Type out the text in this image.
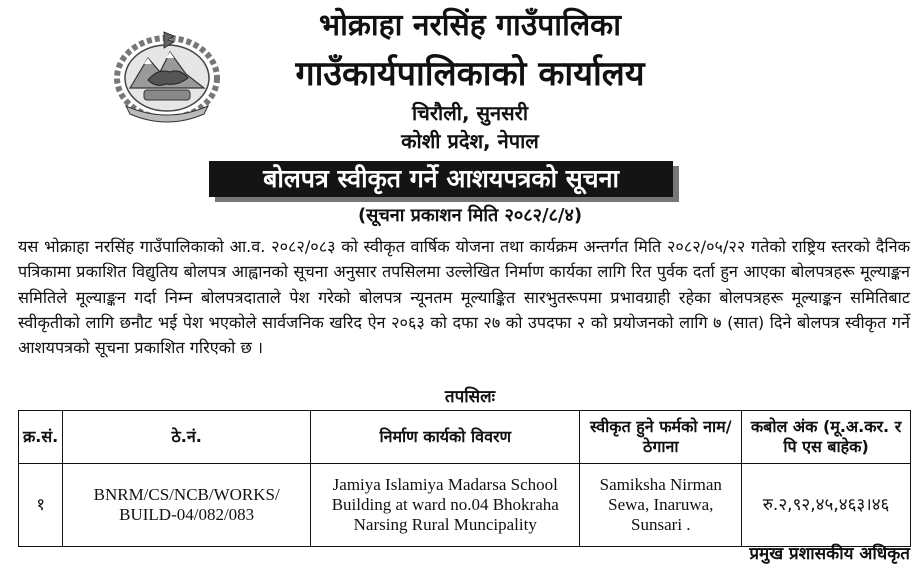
भोक्राहा नरसिंह गाउँपालिका
गाउँकार्यपालिकाको कार्यालय
चिरौली, सुनसरी
कोशी प्रदेश, नेपाल
बोलपत्र स्वीकृत गर्ने आशयपत्रको सूचना
(सूचना प्रकाशन मिति २०८२/८/४)
यस भोक्राहा नरसिंह गाउँपालिकाको आ.व. २०८२/०८३ को स्वीकृत वार्षिक योजना तथा कार्यक्रम अन्तर्गत मिति २०८२/०५/२२ गतेको राष्ट्रिय स्तरको दैनिक पत्रिकामा प्रकाशित विद्युतिय बोलपत्र आह्वानको सूचना अनुसार तपसिलमा उल्लेखित निर्माण कार्यका लागि रित पुर्वक दर्ता हुन आएका बोलपत्रहरू मूल्याङ्कन समितिले मूल्याङ्कन गर्दा निम्न बोलपत्रदाताले पेश गरेको बोलपत्र न्यूनतम मूल्याङ्कित सारभुतरूपमा प्रभावग्राही रहेका बोलपत्रहरू मूल्याङ्कन समितिबाट स्वीकृतीको लागि छनौट भई पेश भएकोले सार्वजनिक खरिद ऐन २०६३ को दफा २७ को उपदफा २ को प्रयोजनको लागि ७ (सात) दिने बोलपत्र स्वीकृत गर्ने आशयपत्रको सूचना प्रकाशित गरिएको छ ।
तपसिलः
क्र.सं.	ठे.नं.	निर्माण कार्यको विवरण	स्वीकृत हुने फर्मको नाम/ठेगाना	कबोल अंक (मू.अ.कर. र पि एस बाहेक)
१	BNRM/CS/NCB/WORKS/ BUILD-04/082/083	Jamiya Islamiya Madarsa School Building at ward no.04 Bhokraha Narsing Rural Muncipality	Samiksha Nirman Sewa, Inaruwa, Sunsari .	रु.२,९२,४५,४६३।४६
प्रमुख प्रशासकीय अधिकृत
